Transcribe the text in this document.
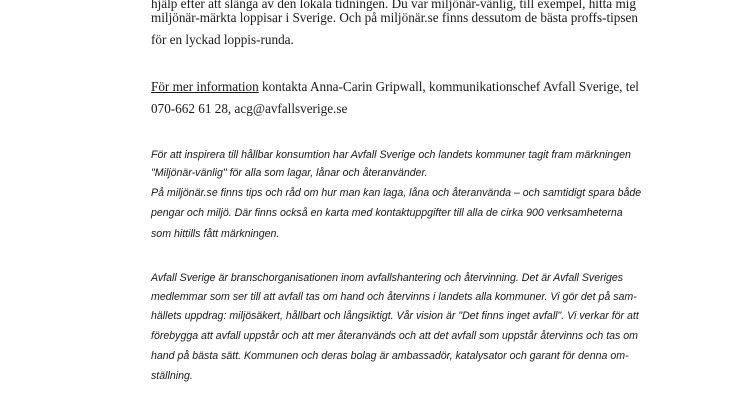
hjälp efter att slänga av den lokala tidningen. Du var miljönär-vänlig, till exempel, hitta mig

miljönär-märkta loppisar i Sverige. Och på miljönär.se finns dessutom de bästa proffs-tipsen

för en lyckad loppis-runda.

För mer information kontakta Anna-Carin Gripwall, kommunikationschef Avfall Sverige, tel

070-662 61 28, acg@avfallsverige.se

För att inspirera till hållbar konsumtion har Avfall Sverige och landets kommuner tagit fram märkningen

"Miljönär-vänlig" för alla som lagar, lånar och återanvänder.

På miljönär.se finns tips och råd om hur man kan laga, låna och återanvända – och samtidigt spara både

pengar och miljö. Där finns också en karta med kontaktuppgifter till alla de cirka 900 verksamheterna

som hittills fått märkningen.

Avfall Sverige är branschorganisationen inom avfallshantering och återvinning. Det är Avfall Sveriges

medlemmar som ser till att avfall tas om hand och återvinns i landets alla kommuner. Vi gör det på sam-

hällets uppdrag: miljösäkert, hållbart och långsiktigt. Vår vision är "Det finns inget avfall". Vi verkar för att

förebygga att avfall uppstår och att mer återanvänds och att det avfall som uppstår återvinns och tas om

hand på bästa sätt. Kommunen och deras bolag är ambassadör, katalysator och garant för denna om-

ställning.
